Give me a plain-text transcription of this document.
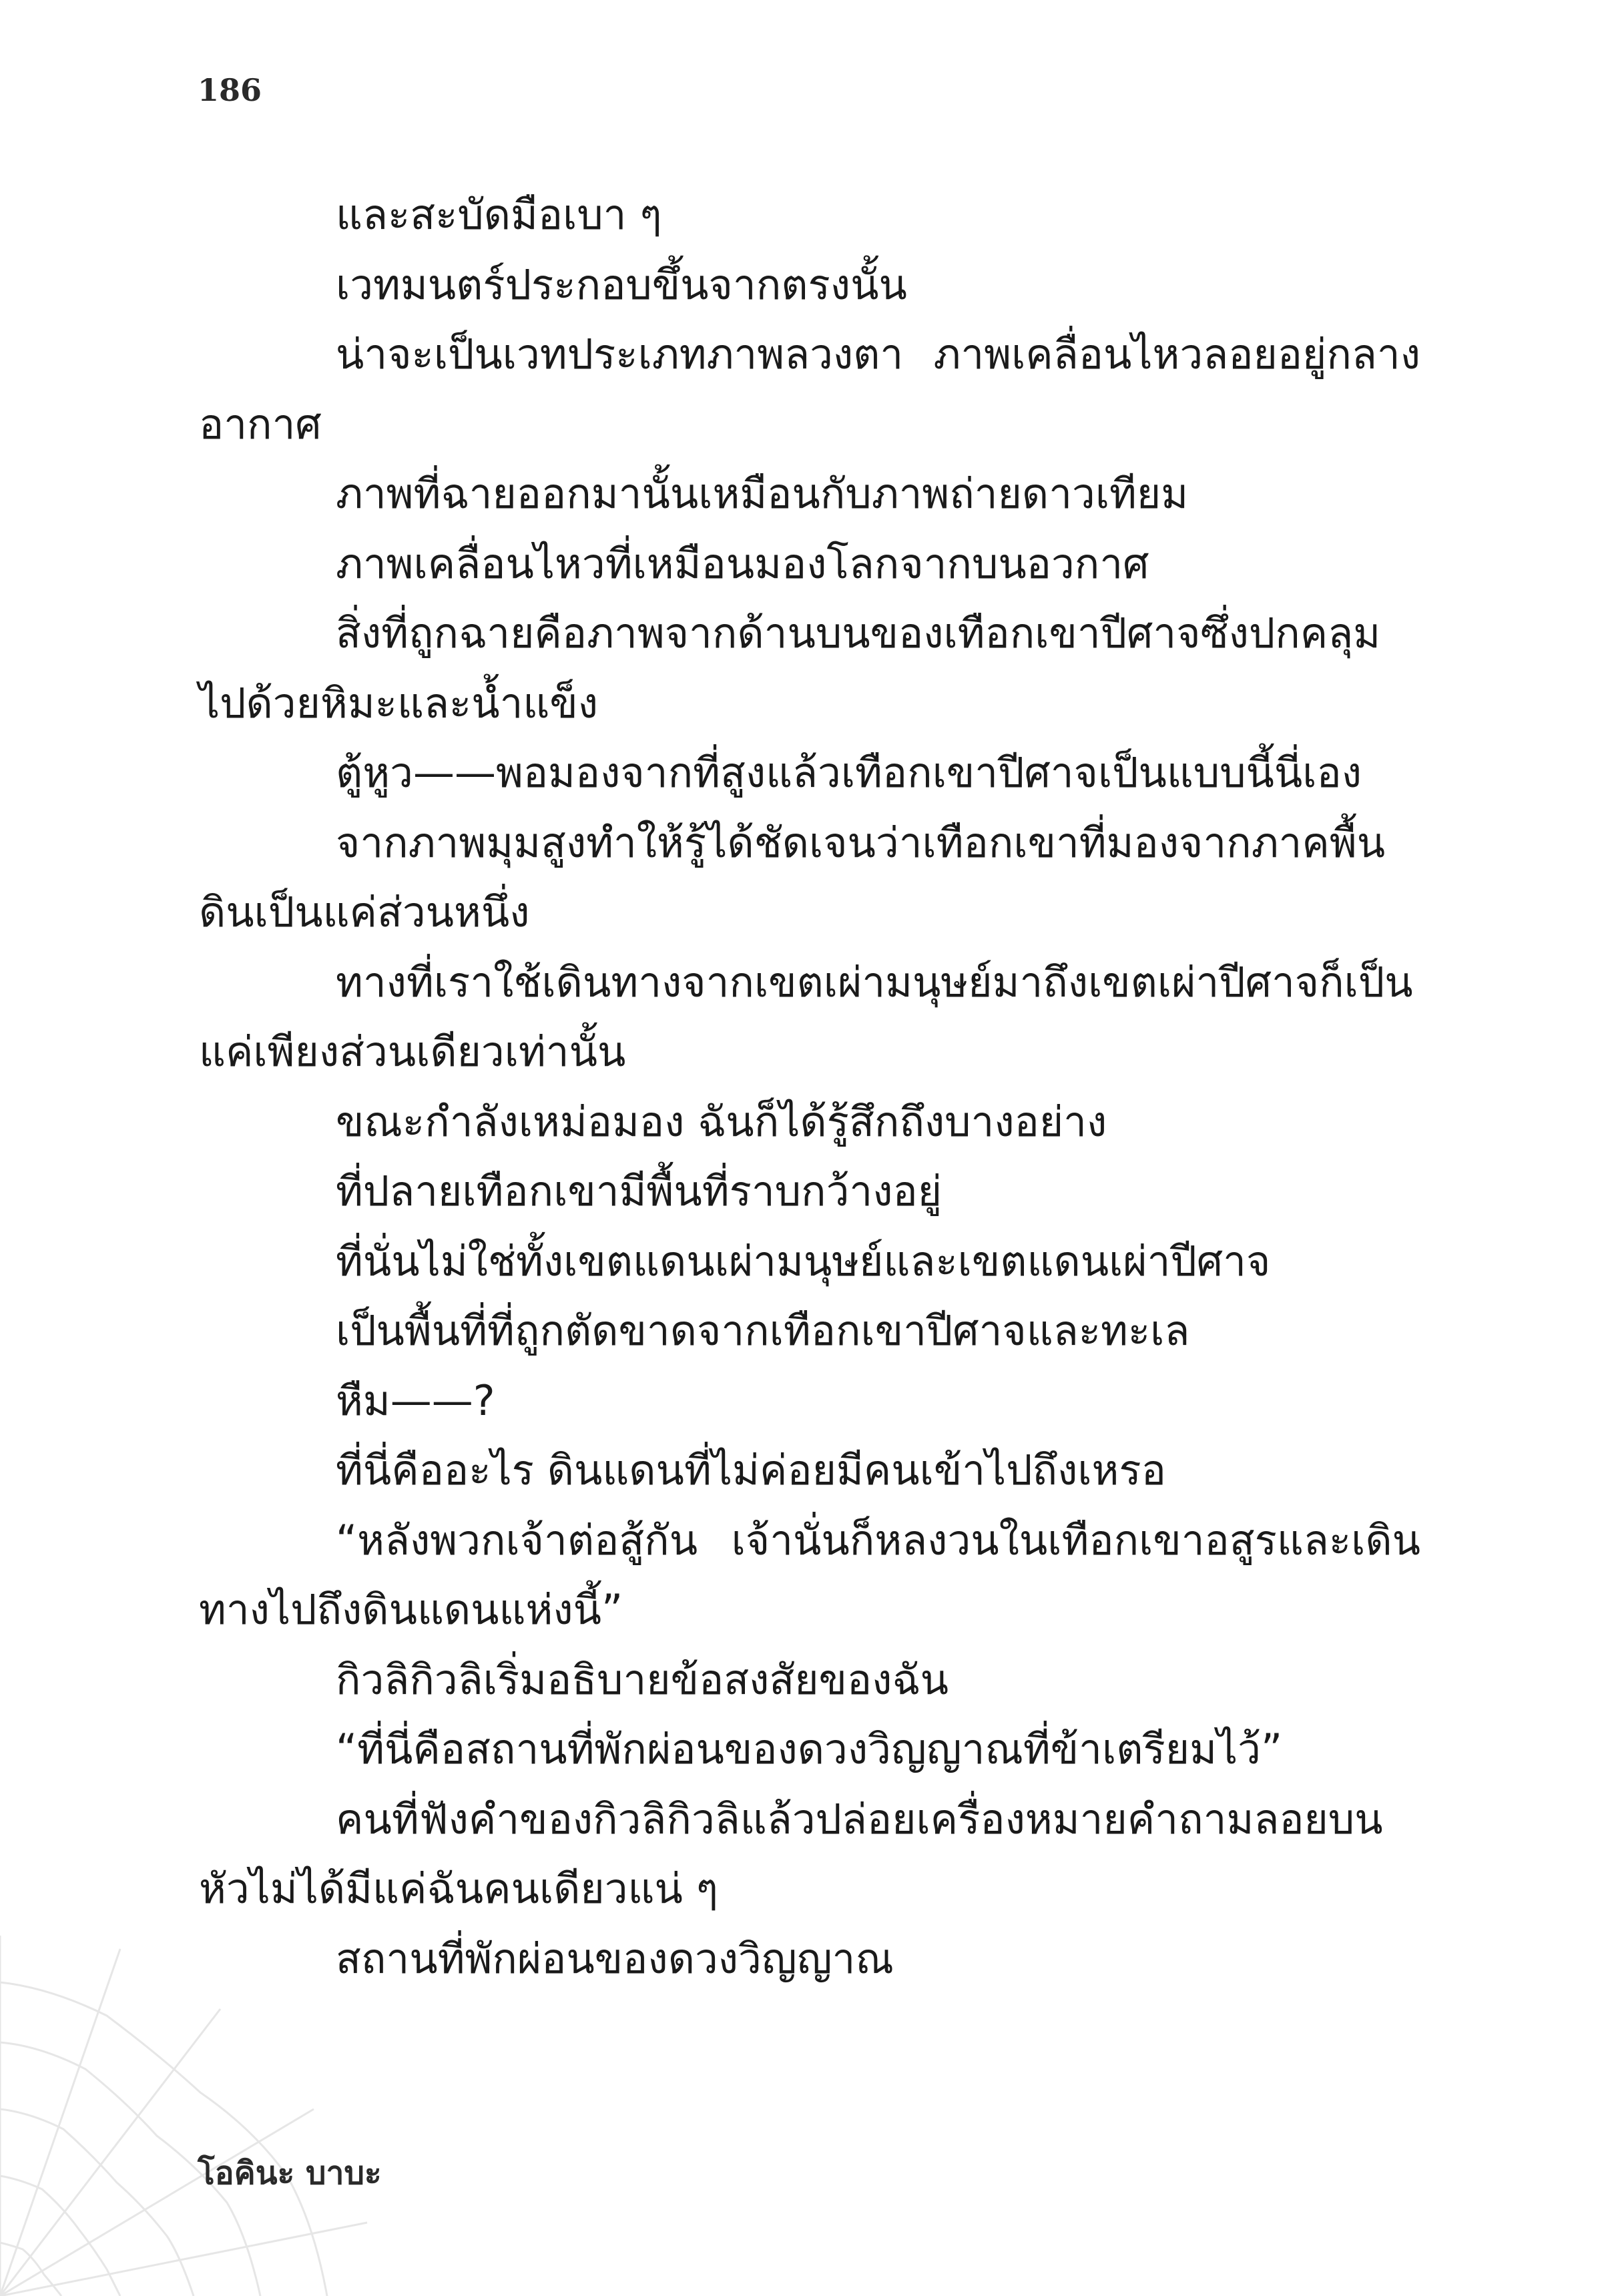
186

และสะบัดมือเบา ๆ

เวทมนตร์ประกอบขึ้นจากตรงนั้น

น่าจะเป็นเวทประเภทภาพลวงตา ภาพเคลื่อนไหวลอยอยู่กลางอากาศ

ภาพที่ฉายออกมานั้นเหมือนกับภาพถ่ายดาวเทียม

ภาพเคลื่อนไหวที่เหมือนมองโลกจากบนอวกาศ

สิ่งที่ถูกฉายคือภาพจากด้านบนของเทือกเขาปีศาจซึ่งปกคลุมไปด้วยหิมะและน้ำแข็ง

ตู้หูว——พอมองจากที่สูงแล้วเทือกเขาปีศาจเป็นแบบนี้นี่เอง

จากภาพมุมสูงทำให้รู้ได้ชัดเจนว่าเทือกเขาที่มองจากภาคพื้นดินเป็นแค่ส่วนหนึ่ง

ทางที่เราใช้เดินทางจากเขตเผ่ามนุษย์มาถึงเขตเผ่าปีศาจก็เป็นแค่เพียงส่วนเดียวเท่านั้น

ขณะกำลังเหม่อมอง ฉันก็ได้รู้สึกถึงบางอย่าง

ที่ปลายเทือกเขามีพื้นที่ราบกว้างอยู่

ที่นั่นไม่ใช่ทั้งเขตแดนเผ่ามนุษย์และเขตแดนเผ่าปีศาจ

เป็นพื้นที่ที่ถูกตัดขาดจากเทือกเขาปีศาจและทะเล

หืม——?

ที่นี่คืออะไร ดินแดนที่ไม่ค่อยมีคนเข้าไปถึงเหรอ

“หลังพวกเจ้าต่อสู้กัน เจ้านั่นก็หลงวนในเทือกเขาอสูรและเดินทางไปถึงดินแดนแห่งนี้”

กิวลิกิวลิเริ่มอธิบายข้อสงสัยของฉัน

“ที่นี่คือสถานที่พักผ่อนของดวงวิญญาณที่ข้าเตรียมไว้”

คนที่ฟังคำของกิวลิกิวลิแล้วปล่อยเครื่องหมายคำถามลอยบนหัวไม่ได้มีแค่ฉันคนเดียวแน่ ๆ

สถานที่พักผ่อนของดวงวิญญาณ

โอคินะ บาบะ
